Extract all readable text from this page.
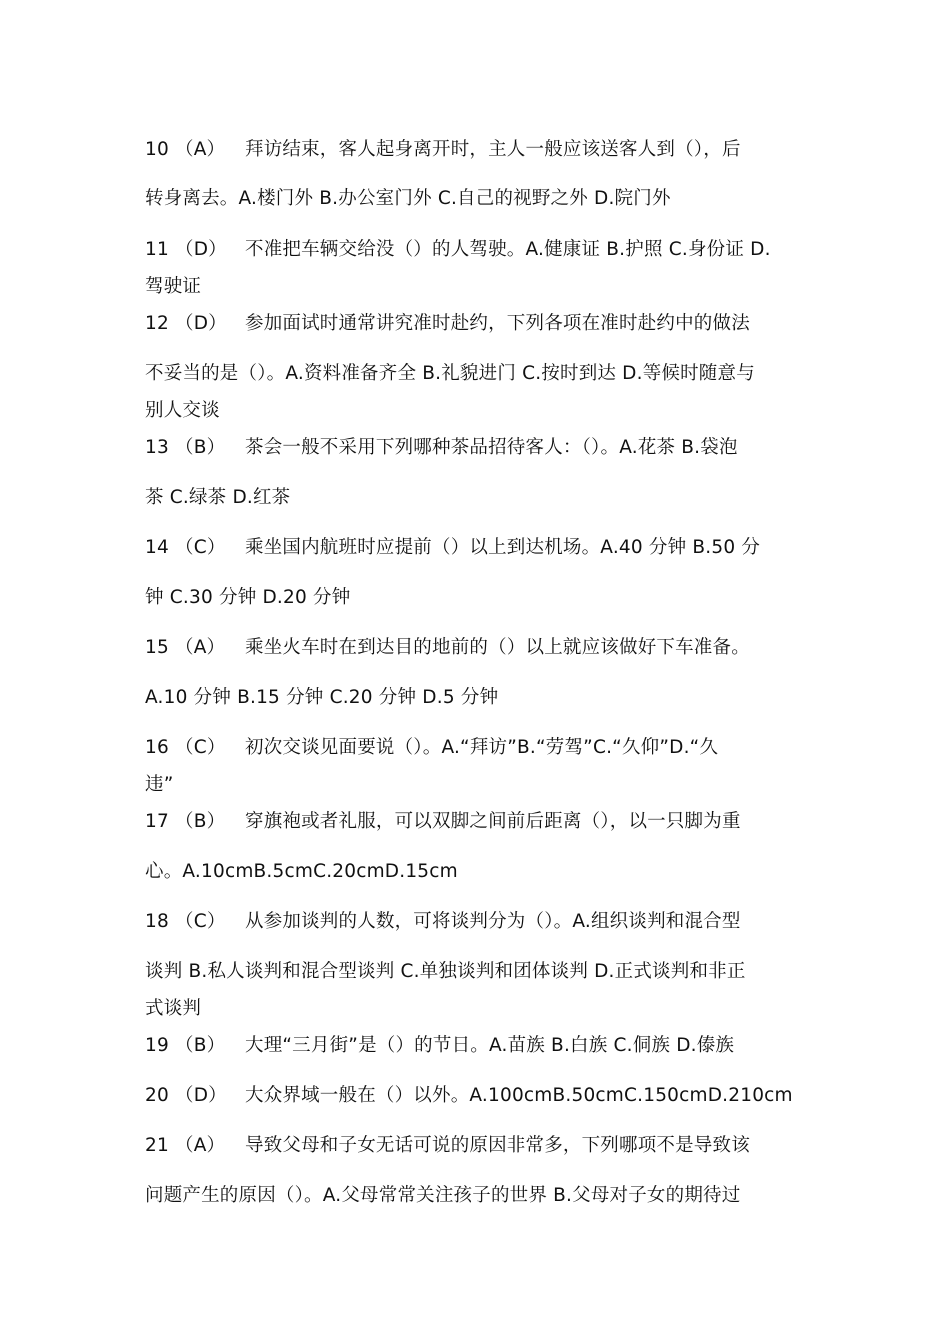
10 （A） 拜访结束，客人起身离开时，主人一般应该送客人到（），后
转身离去。A.楼门外 B.办公室门外 C.自己的视野之外 D.院门外
11 （D） 不准把车辆交给没（）的人驾驶。A.健康证 B.护照 C.身份证 D.
驾驶证
12 （D） 参加面试时通常讲究准时赴约，下列各项在准时赴约中的做法
不妥当的是（）。A.资料准备齐全 B.礼貌进门 C.按时到达 D.等候时随意与
别人交谈
13 （B） 茶会一般不采用下列哪种茶品招待客人：（）。A.花茶 B.袋泡
茶 C.绿茶 D.红茶
14 （C） 乘坐国内航班时应提前（）以上到达机场。A.40 分钟 B.50 分
钟 C.30 分钟 D.20 分钟
15 （A） 乘坐火车时在到达目的地前的（）以上就应该做好下车准备。
A.10 分钟 B.15 分钟 C.20 分钟 D.5 分钟
16 （C） 初次交谈见面要说（）。A.“拜访”B.“劳驾”C.“久仰”D.“久
违”
17 （B） 穿旗袍或者礼服，可以双脚之间前后距离（），以一只脚为重
心。A.10cmB.5cmC.20cmD.15cm
18 （C） 从参加谈判的人数，可将谈判分为（）。A.组织谈判和混合型
谈判 B.私人谈判和混合型谈判 C.单独谈判和团体谈判 D.正式谈判和非正
式谈判
19 （B） 大理“三月街”是（）的节日。A.苗族 B.白族 C.侗族 D.傣族
20 （D） 大众界域一般在（）以外。A.100cmB.50cmC.150cmD.210cm
21 （A） 导致父母和子女无话可说的原因非常多，下列哪项不是导致该
问题产生的原因（）。A.父母常常关注孩子的世界 B.父母对子女的期待过
